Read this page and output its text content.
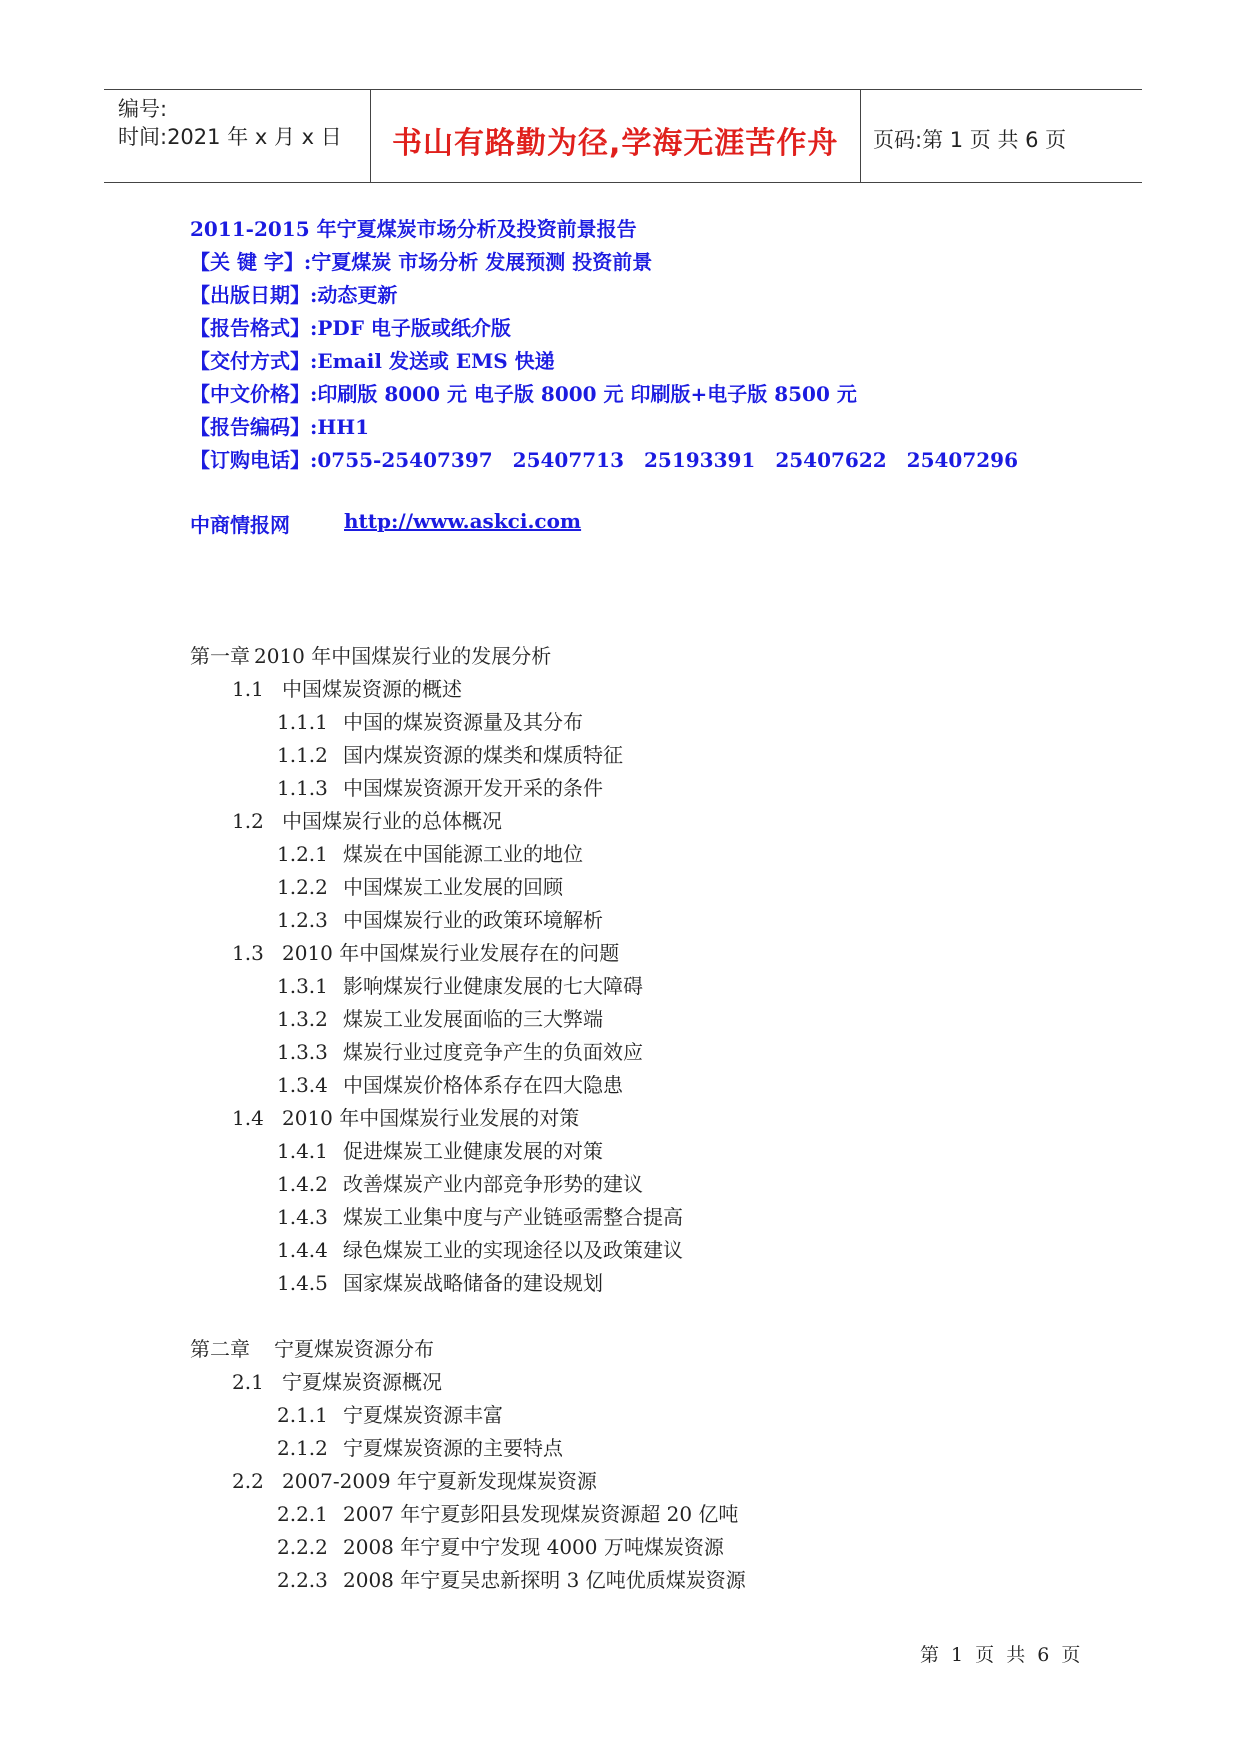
编号:
时间:2021 年 x 月 x 日 书山有路勤为径,学海无涯苦作舟 页码:第 1 页 共 6 页
2011-2015 年宁夏煤炭市场分析及投资前景报告
【关 键 字】:宁夏煤炭 市场分析 发展预测 投资前景
【出版日期】:动态更新
【报告格式】:PDF 电子版或纸介版
【交付方式】:Email 发送或 EMS 快递
【中文价格】:印刷版 8000 元 电子版 8000 元 印刷版+电子版 8500 元
【报告编码】:HH1
【订购电话】:0755-25407397　25407713　25193391　25407622　25407296
中商情报网	http://www.askci.com
第一章 2010 年中国煤炭行业的发展分析
1.1 中国煤炭资源的概述
1.1.1 中国的煤炭资源量及其分布
1.1.2 国内煤炭资源的煤类和煤质特征
1.1.3 中国煤炭资源开发开采的条件
1.2 中国煤炭行业的总体概况
1.2.1 煤炭在中国能源工业的地位
1.2.2 中国煤炭工业发展的回顾
1.2.3 中国煤炭行业的政策环境解析
1.3 2010 年中国煤炭行业发展存在的问题
1.3.1 影响煤炭行业健康发展的七大障碍
1.3.2 煤炭工业发展面临的三大弊端
1.3.3 煤炭行业过度竞争产生的负面效应
1.3.4 中国煤炭价格体系存在四大隐患
1.4 2010 年中国煤炭行业发展的对策
1.4.1 促进煤炭工业健康发展的对策
1.4.2 改善煤炭产业内部竞争形势的建议
1.4.3 煤炭工业集中度与产业链亟需整合提高
1.4.4 绿色煤炭工业的实现途径以及政策建议
1.4.5 国家煤炭战略储备的建设规划
第二章　宁夏煤炭资源分布
2.1 宁夏煤炭资源概况
2.1.1 宁夏煤炭资源丰富
2.1.2 宁夏煤炭资源的主要特点
2.2 2007-2009 年宁夏新发现煤炭资源
2.2.1 2007 年宁夏彭阳县发现煤炭资源超 20 亿吨
2.2.2 2008 年宁夏中宁发现 4000 万吨煤炭资源
2.2.3 2008 年宁夏吴忠新探明 3 亿吨优质煤炭资源
第 1 页 共 6 页
